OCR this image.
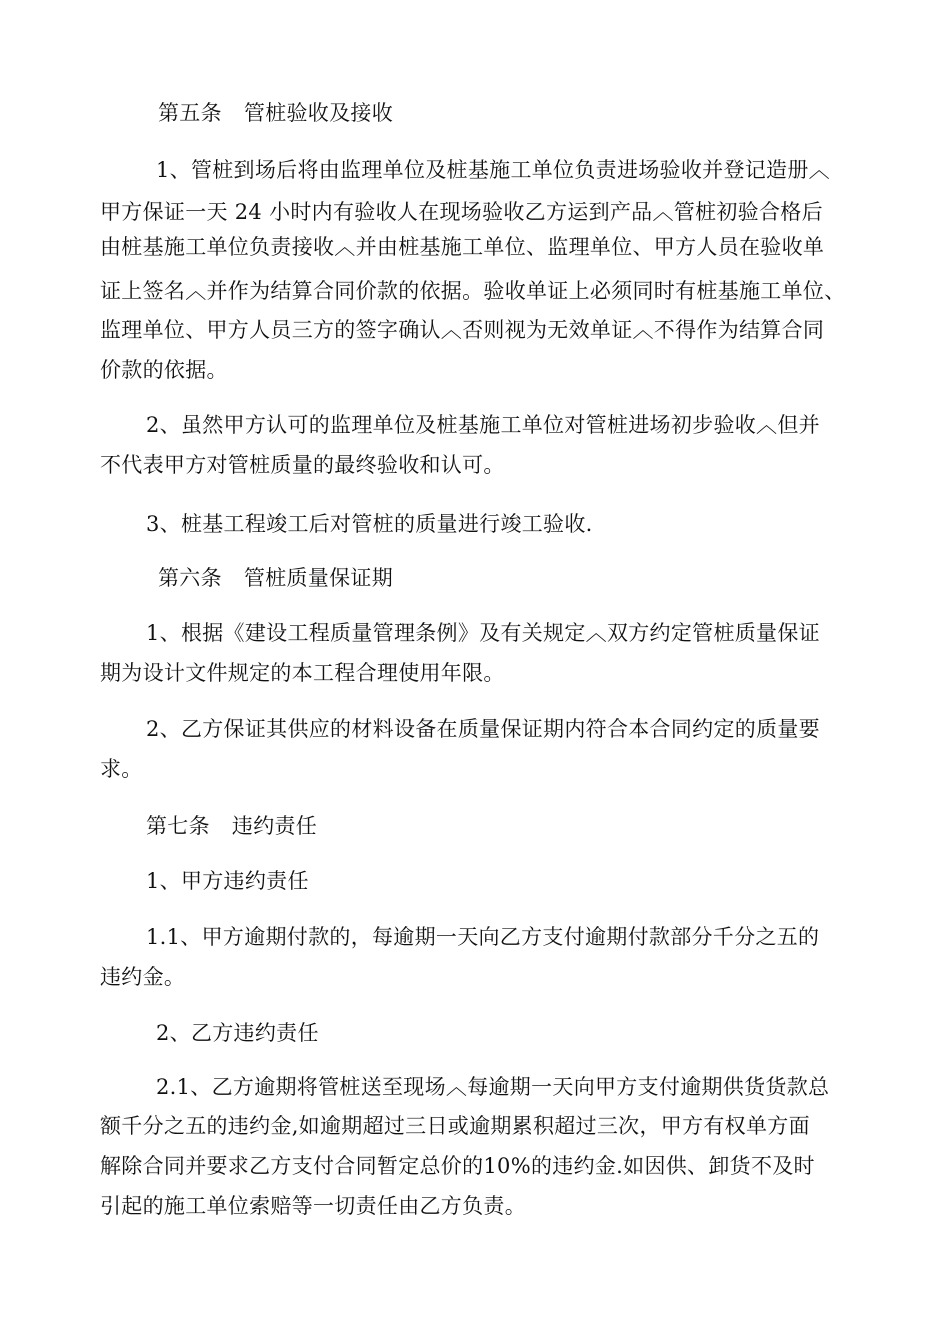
第五条 管桩验收及接收
1、管桩到场后将由监理单位及桩基施工单位负责进场验收并登记造册︿
甲方保证一天 24 小时内有验收人在现场验收乙方运到产品︿管桩初验合格后
由桩基施工单位负责接收︿并由桩基施工单位、监理单位、甲方人员在验收单
证上签名︿并作为结算合同价款的依据。验收单证上必须同时有桩基施工单位、
监理单位、甲方人员三方的签字确认︿否则视为无效单证︿不得作为结算合同
价款的依据。
2、虽然甲方认可的监理单位及桩基施工单位对管桩进场初步验收︿但并
不代表甲方对管桩质量的最终验收和认可。
3、桩基工程竣工后对管桩的质量进行竣工验收.
第六条 管桩质量保证期
1、根据《建设工程质量管理条例》及有关规定︿双方约定管桩质量保证
期为设计文件规定的本工程合理使用年限。
2、乙方保证其供应的材料设备在质量保证期内符合本合同约定的质量要
求。
第七条 违约责任
1、甲方违约责任
1.1、甲方逾期付款的，每逾期一天向乙方支付逾期付款部分千分之五的
违约金。
2、乙方违约责任
2.1、乙方逾期将管桩送至现场︿每逾期一天向甲方支付逾期供货货款总
额千分之五的违约金,如逾期超过三日或逾期累积超过三次，甲方有权单方面
解除合同并要求乙方支付合同暂定总价的10%的违约金.如因供、卸货不及时
引起的施工单位索赔等一切责任由乙方负责。
